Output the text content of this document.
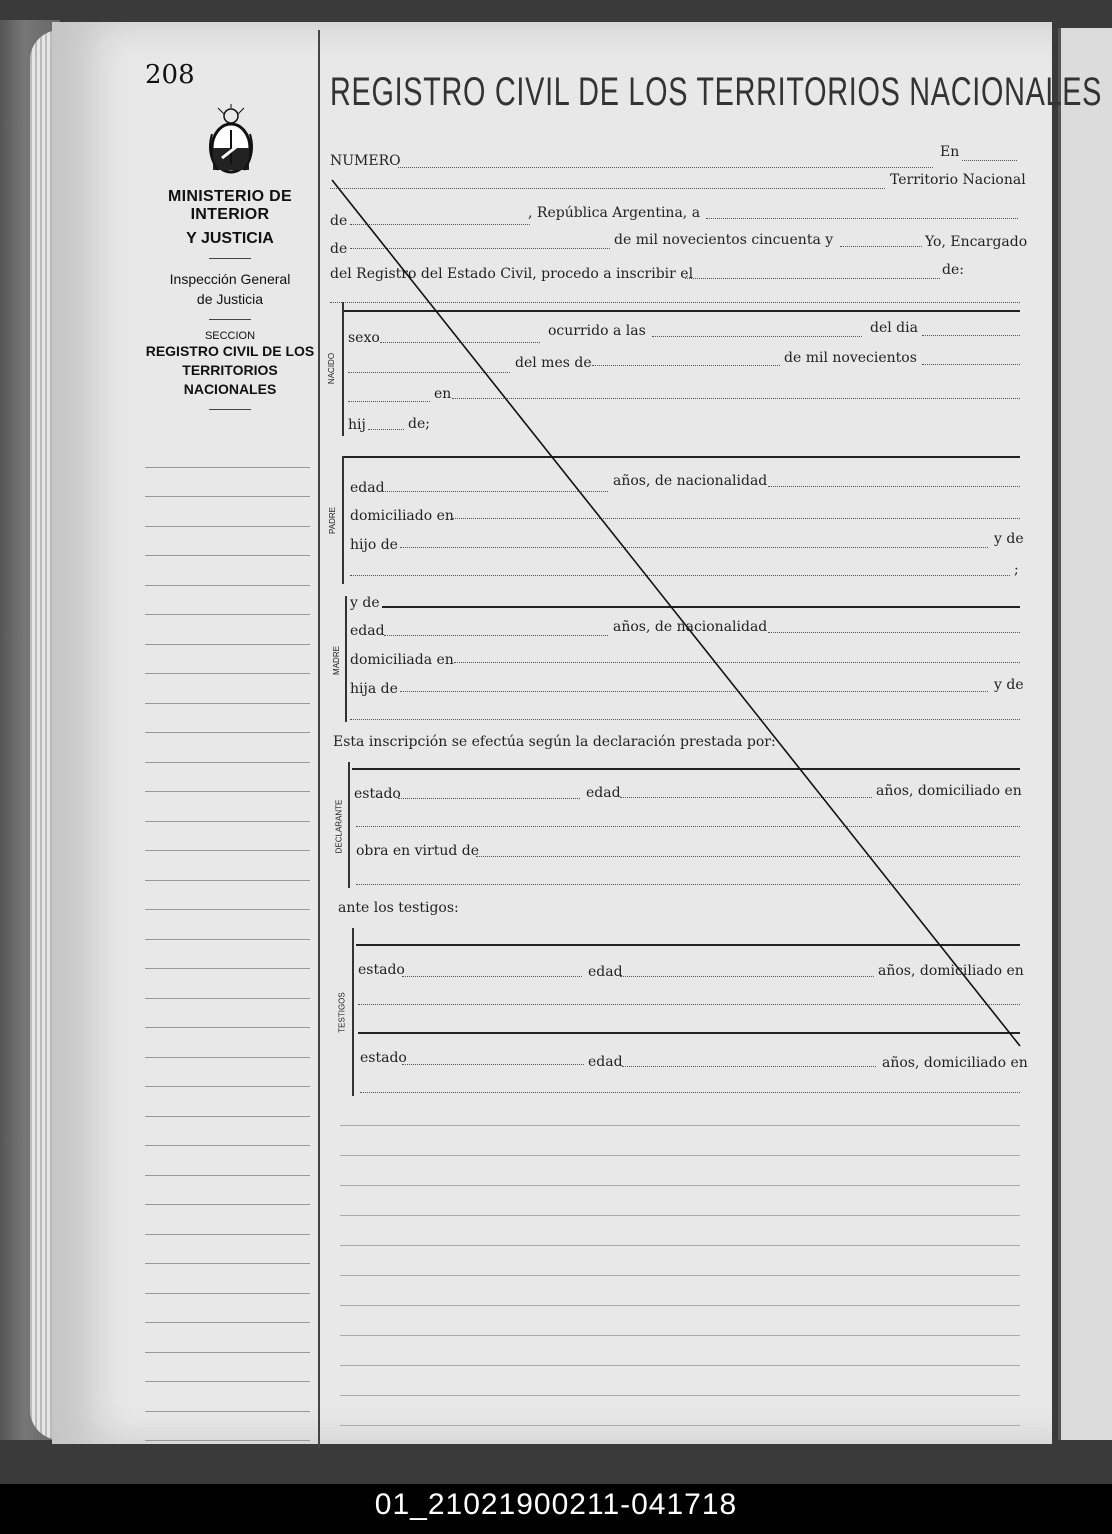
208
MINISTERIO DE INTERIOR
Y JUSTICIA
Inspección General
de Justicia
SECCION
REGISTRO CIVIL DE LOS
TERRITORIOS NACIONALES
REGISTRO CIVIL DE LOS TERRITORIOS NACIONALES
NUMERO
En
Territorio Nacional
de	, República Argentina, a
de
de mil novecientos cincuenta y	Yo, Encargado
del Registro del Estado Civil, procedo a inscribir el	de:
NACIDO
sexo	ocurrido a las	del dia
del mes de	de mil novecientos
en
hij	de;
PADRE
edad	años, de nacionalidad
domiciliado en
hijo de	y de
;
y de
MADRE
edad	años, de nacionalidad
domiciliada en
hija de	y de
Esta inscripción se efectúa según la declaración prestada por:
DECLARANTE
estado	edad	años, domiciliado en
obra en virtud de
ante los testigos:
TESTIGOS
estado	edad	años, domiciliado en
estado	edad	años, domiciliado en
01_21021900211-041718
